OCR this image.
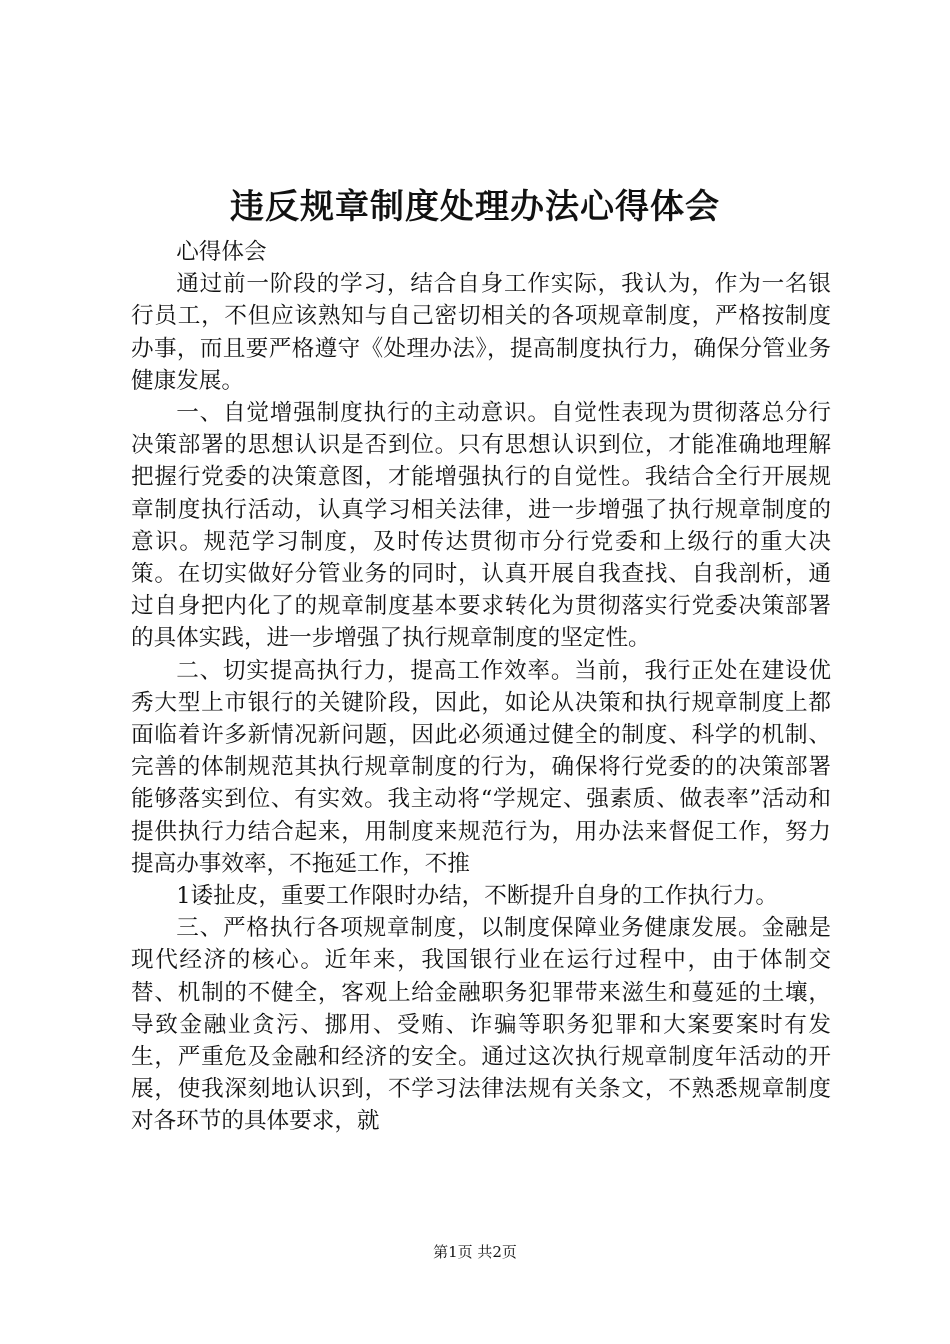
违反规章制度处理办法心得体会

心得体会

通过前一阶段的学习，结合自身工作实际，我认为，作为一名银行员工，不但应该熟知与自己密切相关的各项规章制度，严格按制度办事，而且要严格遵守《处理办法》，提高制度执行力，确保分管业务健康发展。

一、自觉增强制度执行的主动意识。自觉性表现为贯彻落总分行决策部署的思想认识是否到位。只有思想认识到位，才能准确地理解把握行党委的决策意图，才能增强执行的自觉性。我结合全行开展规章制度执行活动，认真学习相关法律，进一步增强了执行规章制度的意识。规范学习制度，及时传达贯彻市分行党委和上级行的重大决策。在切实做好分管业务的同时，认真开展自我查找、自我剖析，通过自身把内化了的规章制度基本要求转化为贯彻落实行党委决策部署的具体实践，进一步增强了执行规章制度的坚定性。

二、切实提高执行力，提高工作效率。当前，我行正处在建设优秀大型上市银行的关键阶段，因此，如论从决策和执行规章制度上都面临着许多新情况新问题，因此必须通过健全的制度、科学的机制、完善的体制规范其执行规章制度的行为，确保将行党委的的决策部署能够落实到位、有实效。我主动将“学规定、强素质、做表率”活动和提供执行力结合起来，用制度来规范行为，用办法来督促工作，努力提高办事效率，不拖延工作，不推

1诿扯皮，重要工作限时办结，不断提升自身的工作执行力。

三、严格执行各项规章制度，以制度保障业务健康发展。金融是现代经济的核心。近年来，我国银行业在运行过程中，由于体制交替、机制的不健全，客观上给金融职务犯罪带来滋生和蔓延的土壤，导致金融业贪污、挪用、受贿、诈骗等职务犯罪和大案要案时有发生，严重危及金融和经济的安全。通过这次执行规章制度年活动的开展，使我深刻地认识到，不学习法律法规有关条文，不熟悉规章制度对各环节的具体要求，就

第1页 共2页
